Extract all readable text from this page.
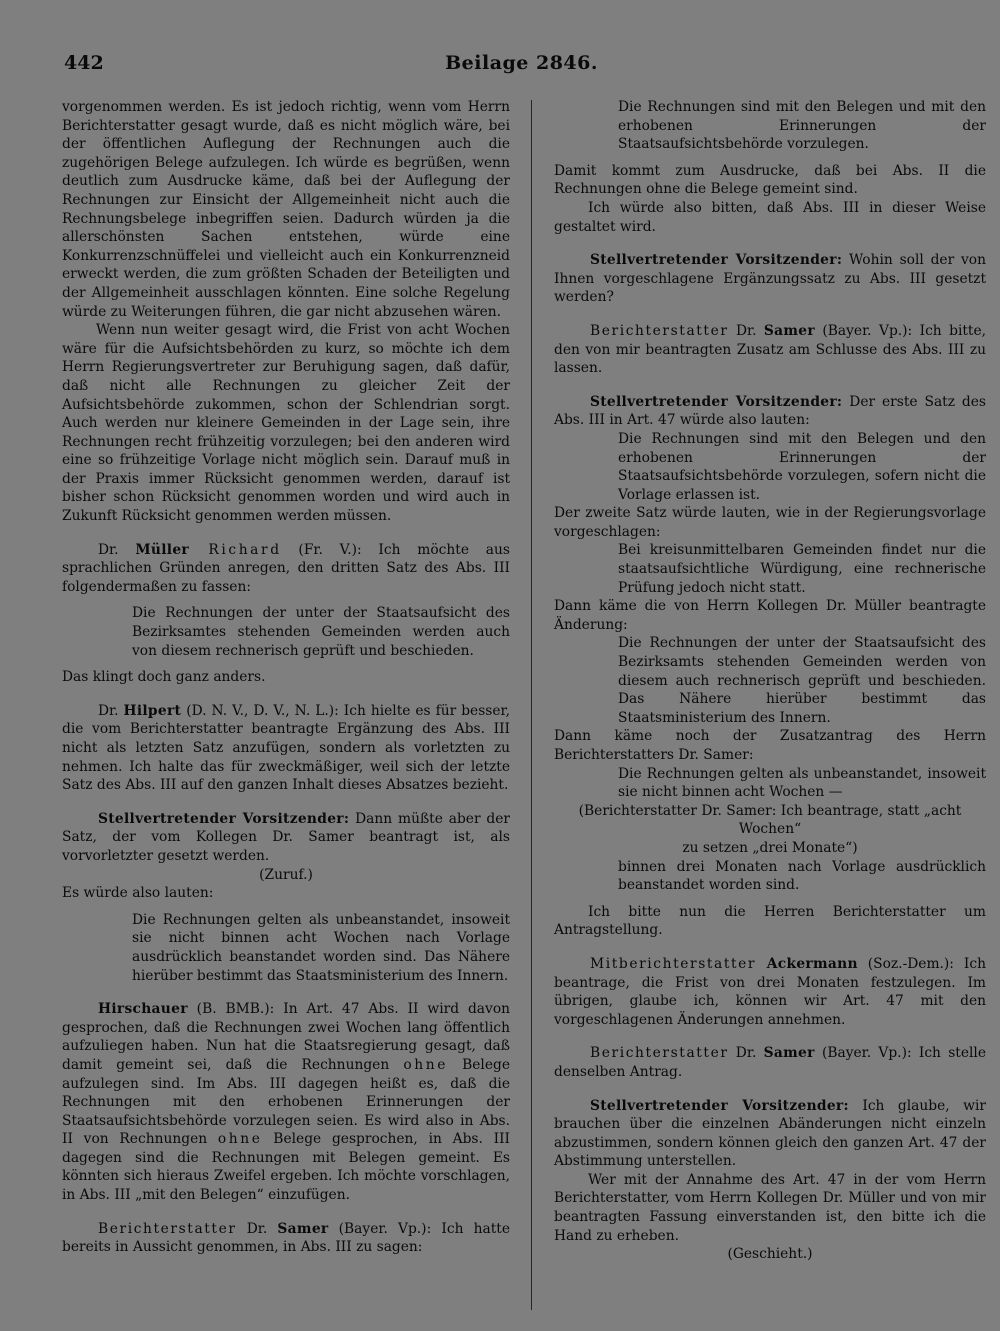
442	Beilage 2846.

vorgenommen werden. Es ist jedoch richtig, wenn vom Herrn Berichterstatter gesagt wurde, daß es nicht möglich wäre, bei der öffentlichen Auflegung der Rechnungen auch die zugehörigen Belege aufzulegen. Ich würde es begrüßen, wenn deutlich zum Ausdrucke käme, daß bei der Auflegung der Rechnungen zur Einsicht der Allgemeinheit nicht auch die Rechnungsbelege inbegriffen seien. Dadurch würden ja die allerschönsten Sachen entstehen, würde eine Konkurrenzschnüffelei und vielleicht auch ein Konkurrenzneid erweckt werden, die zum größten Schaden der Beteiligten und der Allgemeinheit ausschlagen könnten. Eine solche Regelung würde zu Weiterungen führen, die gar nicht abzusehen wären.

Wenn nun weiter gesagt wird, die Frist von acht Wochen wäre für die Aufsichtsbehörden zu kurz, so möchte ich dem Herrn Regierungsvertreter zur Beruhigung sagen, daß dafür, daß nicht alle Rechnungen zu gleicher Zeit der Aufsichtsbehörde zukommen, schon der Schlendrian sorgt. Auch werden nur kleinere Gemeinden in der Lage sein, ihre Rechnungen recht frühzeitig vorzulegen; bei den anderen wird eine so frühzeitige Vorlage nicht möglich sein. Darauf muß in der Praxis immer Rücksicht genommen werden, darauf ist bisher schon Rücksicht genommen worden und wird auch in Zukunft Rücksicht genommen werden müssen.

Dr. Müller Richard (Fr. V.): Ich möchte aus sprachlichen Gründen anregen, den dritten Satz des Abs. III folgendermaßen zu fassen:

Die Rechnungen der unter der Staatsaufsicht des Bezirksamtes stehenden Gemeinden werden auch von diesem rechnerisch geprüft und beschieden.

Das klingt doch ganz anders.

Dr. Hilpert (D. N. V., D. V., N. L.): Ich hielte es für besser, die vom Berichterstatter beantragte Ergänzung des Abs. III nicht als letzten Satz anzufügen, sondern als vorletzten zu nehmen. Ich halte das für zweckmäßiger, weil sich der letzte Satz des Abs. III auf den ganzen Inhalt dieses Absatzes bezieht.

Stellvertretender Vorsitzender: Dann müßte aber der Satz, der vom Kollegen Dr. Samer beantragt ist, als vorvorletzter gesetzt werden.

(Zuruf.)

Es würde also lauten:

Die Rechnungen gelten als unbeanstandet, insoweit sie nicht binnen acht Wochen nach Vorlage ausdrücklich beanstandet worden sind. Das Nähere hierüber bestimmt das Staatsministerium des Innern.

Hirschauer (B. BMB.): In Art. 47 Abs. II wird davon gesprochen, daß die Rechnungen zwei Wochen lang öffentlich aufzuliegen haben. Nun hat die Staatsregierung gesagt, daß damit gemeint sei, daß die Rechnungen ohne Belege aufzulegen sind. Im Abs. III dagegen heißt es, daß die Rechnungen mit den erhobenen Erinnerungen der Staatsaufsichtsbehörde vorzulegen seien. Es wird also in Abs. II von Rechnungen ohne Belege gesprochen, in Abs. III dagegen sind die Rechnungen mit Belegen gemeint. Es könnten sich hieraus Zweifel ergeben. Ich möchte vorschlagen, in Abs. III „mit den Belegen“ einzufügen.

Berichterstatter Dr. Samer (Bayer. Vp.): Ich hatte bereits in Aussicht genommen, in Abs. III zu sagen:

Die Rechnungen sind mit den Belegen und mit den erhobenen Erinnerungen der Staatsaufsichtsbehörde vorzulegen.

Damit kommt zum Ausdrucke, daß bei Abs. II die Rechnungen ohne die Belege gemeint sind.

Ich würde also bitten, daß Abs. III in dieser Weise gestaltet wird.

Stellvertretender Vorsitzender: Wohin soll der von Ihnen vorgeschlagene Ergänzungssatz zu Abs. III gesetzt werden?

Berichterstatter Dr. Samer (Bayer. Vp.): Ich bitte, den von mir beantragten Zusatz am Schlusse des Abs. III zu lassen.

Stellvertretender Vorsitzender: Der erste Satz des Abs. III in Art. 47 würde also lauten:

Die Rechnungen sind mit den Belegen und den erhobenen Erinnerungen der Staatsaufsichtsbehörde vorzulegen, sofern nicht die Vorlage erlassen ist.

Der zweite Satz würde lauten, wie in der Regierungsvorlage vorgeschlagen:

Bei kreisunmittelbaren Gemeinden findet nur die staatsaufsichtliche Würdigung, eine rechnerische Prüfung jedoch nicht statt.

Dann käme die von Herrn Kollegen Dr. Müller beantragte Änderung:

Die Rechnungen der unter der Staatsaufsicht des Bezirksamts stehenden Gemeinden werden von diesem auch rechnerisch geprüft und beschieden. Das Nähere hierüber bestimmt das Staatsministerium des Innern.

Dann käme noch der Zusatzantrag des Herrn Berichterstatters Dr. Samer:

Die Rechnungen gelten als unbeanstandet, insoweit sie nicht binnen acht Wochen —

(Berichterstatter Dr. Samer: Ich beantrage, statt „acht Wochen“

zu setzen „drei Monate“)

binnen drei Monaten nach Vorlage ausdrücklich beanstandet worden sind.

Ich bitte nun die Herren Berichterstatter um Antragstellung.

Mitberichterstatter Ackermann (Soz.-Dem.): Ich beantrage, die Frist von drei Monaten festzulegen. Im übrigen, glaube ich, können wir Art. 47 mit den vorgeschlagenen Änderungen annehmen.

Berichterstatter Dr. Samer (Bayer. Vp.): Ich stelle denselben Antrag.

Stellvertretender Vorsitzender: Ich glaube, wir brauchen über die einzelnen Abänderungen nicht einzeln abzustimmen, sondern können gleich den ganzen Art. 47 der Abstimmung unterstellen.

Wer mit der Annahme des Art. 47 in der vom Herrn Berichterstatter, vom Herrn Kollegen Dr. Müller und von mir beantragten Fassung einverstanden ist, den bitte ich die Hand zu erheben.

(Geschieht.)
